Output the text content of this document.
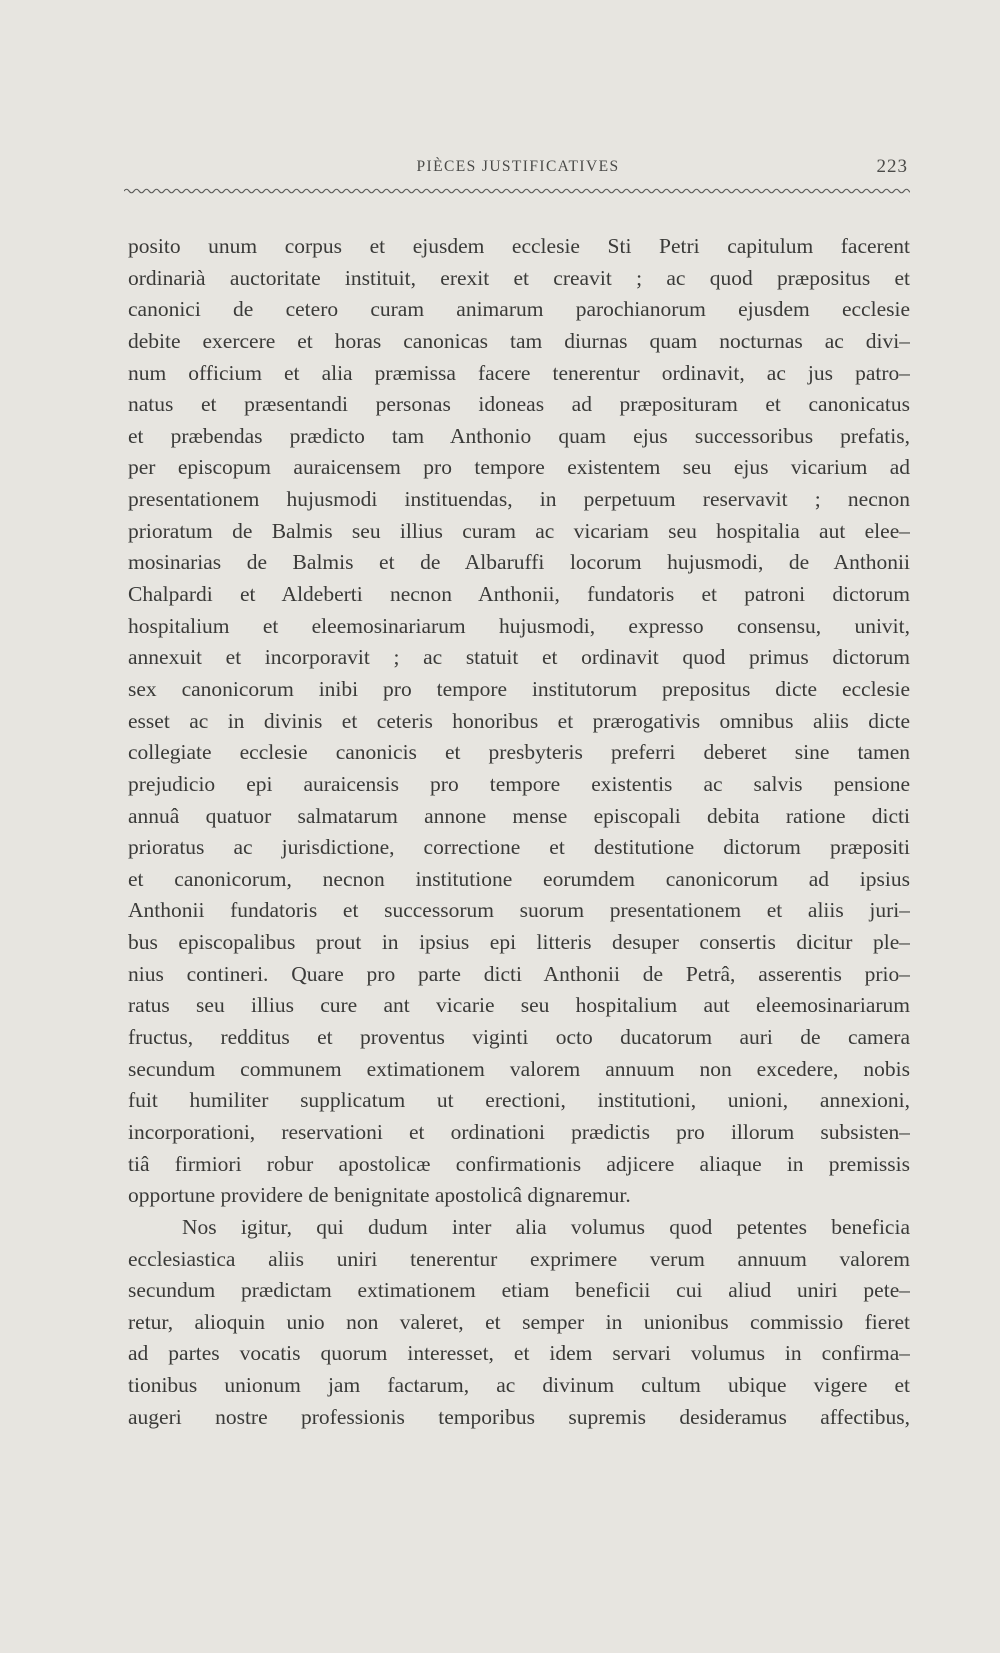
PIÈCES JUSTIFICATIVES	223
posito unum corpus et ejusdem ecclesie Sti Petri capitulum facerent
ordinarià auctoritate instituit, erexit et creavit ; ac quod præpositus et
canonici de cetero curam animarum parochianorum ejusdem ecclesie
debite exercere et horas canonicas tam diurnas quam nocturnas ac divi–
num officium et alia præmissa facere tenerentur ordinavit, ac jus patro–
natus et præsentandi personas idoneas ad præposituram et canonicatus
et præbendas prædicto tam Anthonio quam ejus successoribus prefatis,
per episcopum auraicensem pro tempore existentem seu ejus vicarium ad
presentationem hujusmodi instituendas, in perpetuum reservavit ; necnon
prioratum de Balmis seu illius curam ac vicariam seu hospitalia aut elee–
mosinarias de Balmis et de Albaruffi locorum hujusmodi, de Anthonii
Chalpardi et Aldeberti necnon Anthonii, fundatoris et patroni dictorum
hospitalium et eleemosinariarum hujusmodi, expresso consensu, univit,
annexuit et incorporavit ; ac statuit et ordinavit quod primus dictorum
sex canonicorum inibi pro tempore institutorum prepositus dicte ecclesie
esset ac in divinis et ceteris honoribus et prærogativis omnibus aliis dicte
collegiate ecclesie canonicis et presbyteris preferri deberet sine tamen
prejudicio epi auraicensis pro tempore existentis ac salvis pensione
annuâ quatuor salmatarum annone mense episcopali debita ratione dicti
prioratus ac jurisdictione, correctione et destitutione dictorum præpositi
et canonicorum, necnon institutione eorumdem canonicorum ad ipsius
Anthonii fundatoris et successorum suorum presentationem et aliis juri–
bus episcopalibus prout in ipsius epi litteris desuper consertis dicitur ple–
nius contineri. Quare pro parte dicti Anthonii de Petrâ, asserentis prio–
ratus seu illius cure ant vicarie seu hospitalium aut eleemosinariarum
fructus, redditus et proventus viginti octo ducatorum auri de camera
secundum communem extimationem valorem annuum non excedere, nobis
fuit humiliter supplicatum ut erectioni, institutioni, unioni, annexioni,
incorporationi, reservationi et ordinationi prædictis pro illorum subsisten–
tiâ firmiori robur apostolicæ confirmationis adjicere aliaque in premissis
opportune providere de benignitate apostolicâ dignaremur.
Nos igitur, qui dudum inter alia volumus quod petentes beneficia
ecclesiastica aliis uniri tenerentur exprimere verum annuum valorem
secundum prædictam extimationem etiam beneficii cui aliud uniri pete–
retur, alioquin unio non valeret, et semper in unionibus commissio fieret
ad partes vocatis quorum interesset, et idem servari volumus in confirma–
tionibus unionum jam factarum, ac divinum cultum ubique vigere et
augeri nostre professionis temporibus supremis desideramus affectibus,
